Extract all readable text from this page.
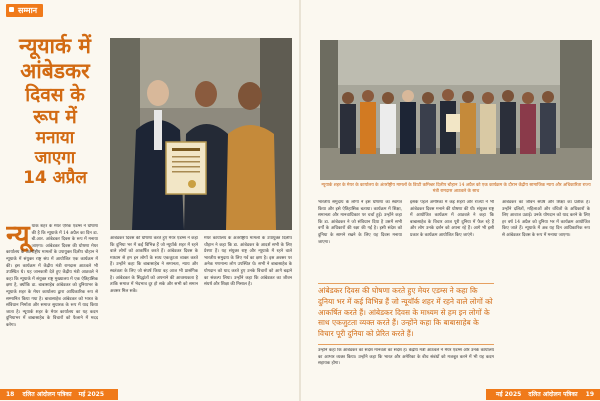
सम्मान
न्यूयार्क में
आंबेडकर
दिवस के
रूप में
मनाया
जाएगा
14 अप्रैल
न्यू यार्क शहर के मेयर एरिक एडम्स ने घोषणा की है कि न्यूयार्क में 14 अप्रैल का दिन डा. बी.आर. आंबेडकर दिवस के रूप में मनाया जाएगा। आंबेडकर दिवस की घोषणा मेयर कार्यालय के अंतर्राष्ट्रीय मामलों के उपायुक्त दिलीप चौहान ने न्यूयार्क में संयुक्त राष्ट्र संघ में आयोजित एक कार्यक्रम में की। इस कार्यक्रम में केंद्रीय मंत्री रामदास आठवले भी उपस्थित थे। यह जानकारी देते हुए केंद्रीय मंत्री आठवले ने कहा कि न्यूयार्क में संयुक्त राष्ट्र मुख्यालय में एक ऐतिहासिक क्षण है, क्योंकि डा. बाबासाहेब आंबेडकर को दुनियाभर के न्यूयार्क शहर के मेयर कार्यालय द्वारा आधिकारिक रूप से सम्मानित किया गया है। बाबासाहेब आंबेडकर को भारत के संविधान निर्माता और समाज सुधारक के रूप में याद किया जाता है। न्यूयार्क शहर के मेयर कार्यालय का यह कदम दुनियाभर में बाबासाहेब के विचारों को फैलाने में मदद करेगा।
आंबेडकर दिवस की घोषणा करते हुए मेयर एडम्स ने कहा कि दुनिया भर में कई विभिन्न हैं जो न्यूयॉर्क शहर में रहने वाले लोगों को आकर्षित करते हैं। आंबेडकर दिवस के माध्यम से हम इन लोगों के साथ एकजुटता व्यक्त करते हैं। उन्होंने कहा कि बाबासाहेब ने समानता, न्याय और स्वतंत्रता के लिए जो संघर्ष किया वह आज भी प्रासंगिक है। आंबेडकर के सिद्धांतों को अपनाने की आवश्यकता है ताकि समाज में भेदभाव दूर हो सके और सभी को समान अवसर मिल सकें।
मेयर कार्यालय के अंतर्राष्ट्रीय मामलों के उपायुक्त दिलीप चौहान ने कहा कि डा. आंबेडकर के आदर्श सभी के लिए प्रेरणा हैं। यह संयुक्त राष्ट्र और न्यूयार्क में रहने वाले भारतीय समुदाय के लिए गर्व का क्षण है। इस अवसर पर अनेक गणमान्य लोग उपस्थित थे। सभी ने बाबासाहेब के योगदान को याद करते हुए उनके विचारों को आगे बढ़ाने का संकल्प लिया। उन्होंने कहा कि आंबेडकर का जीवन संघर्ष और शिक्षा की मिसाल है।
न्यूयार्क शहर के मेयर के कार्यालय के अंतर्राष्ट्रीय मामलों के डिप्टी कमिश्नर दिलीप चौहान 14 अप्रैल को एक कार्यक्रम के दौरान केंद्रीय सामाजिक न्याय और अधिकारिता राज्य मंत्री रामदास आठवले के साथ
भारतीय समुदाय के लोगों ने इस घोषणा का स्वागत किया और इसे ऐतिहासिक बताया। कार्यक्रम में शिक्षा, समानता और मानवाधिकार पर चर्चा हुई। उन्होंने कहा कि डा. आंबेडकर ने जो संविधान दिया है उसमें सभी वर्गों के अधिकारों की रक्षा की गई है। इसी संदेश को दुनिया के सामने रखने के लिए यह दिवस मनाया जाएगा।
इसके पहले अमेरिका में कई शहरों और राज्यों ने भी आंबेडकर दिवस मनाने की घोषणा की थी। संयुक्त राष्ट्र में आयोजित कार्यक्रम में आठवले ने कहा कि बाबासाहेब के विचार आज पूरी दुनिया में फैल रहे हैं और लोग उनके दर्शन को अपना रहे हैं। आगे भी इसी प्रकार के कार्यक्रम आयोजित किए जाएंगे।
आंबेडकर का जीवन संघर्ष और शिक्षा का प्रतीक है। उन्होंने दलितों, महिलाओं और वंचितों के अधिकारों के लिए आवाज उठाई। उनके योगदान को याद करने के लिए हर वर्ष 14 अप्रैल को दुनिया भर में कार्यक्रम आयोजित किए जाते हैं। न्यूयार्क में अब यह दिन आधिकारिक रूप से आंबेडकर दिवस के रूप में मनाया जाएगा।
आंबेडकर दिवस की घोषणा करते हुए मेयर एडम्स ने कहा कि दुनिया भर में कई विभिन्न हैं जो न्यूयॉर्क शहर में रहने वाले लोगों को आकर्षित करते हैं। आंबेडकर दिवस के माध्यम से हम इन लोगों के साथ एकजुटता व्यक्त करते हैं। उन्होंने कहा कि बाबासाहेब के विचार पूरी दुनिया को प्रेरित करते हैं।
उन्होंने कहा कि आंबेडकर का संदेश मानवता का संदेश है। केंद्रीय मंत्री आठवले ने मेयर एडम्स और उनके कार्यालय का आभार व्यक्त किया। उन्होंने कहा कि भारत और अमेरिका के बीच संबंधों को मजबूत करने में भी यह कदम सहायक होगा।
18 दलित आंदोलन पत्रिका मई 2025	मई 2025 दलित आंदोलन पत्रिका 19
